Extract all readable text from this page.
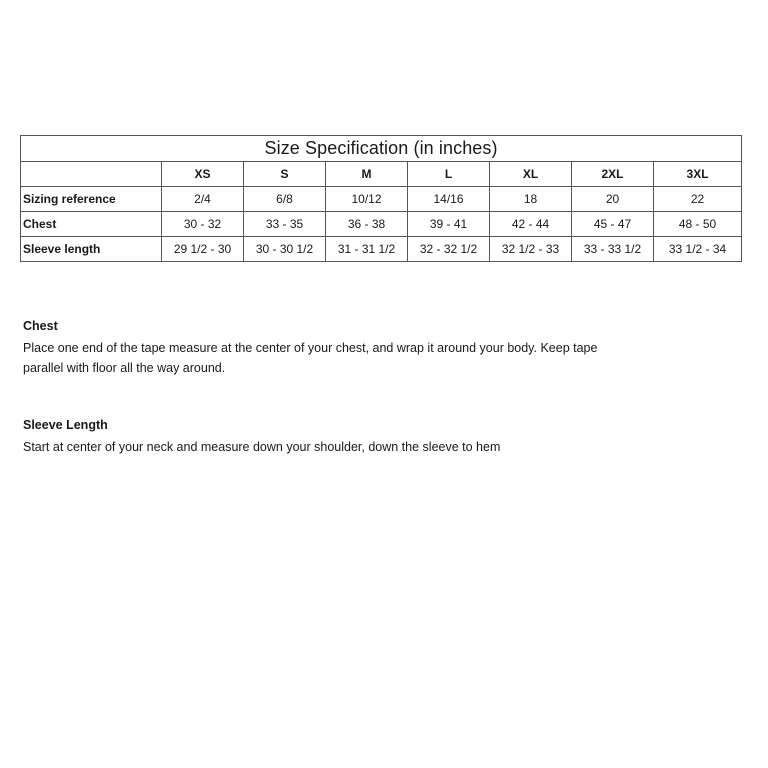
Size Specification (in inches)							
	XS	S	M	L	XL	2XL	3XL
Sizing reference	2/4	6/8	10/12	14/16	18	20	22
Chest	30 - 32	33 - 35	36 - 38	39 - 41	42 - 44	45 - 47	48 - 50
Sleeve length	29 1/2 - 30	30 - 30 1/2	31 - 31 1/2	32 - 32 1/2	32 1/2 - 33	33 - 33 1/2	33 1/2 - 34

Chest

Place one end of the tape measure at the center of your chest, and wrap it around your body. Keep tape

parallel with floor all the way around.

Sleeve Length

Start at center of your neck and measure down your shoulder, down the sleeve to hem
